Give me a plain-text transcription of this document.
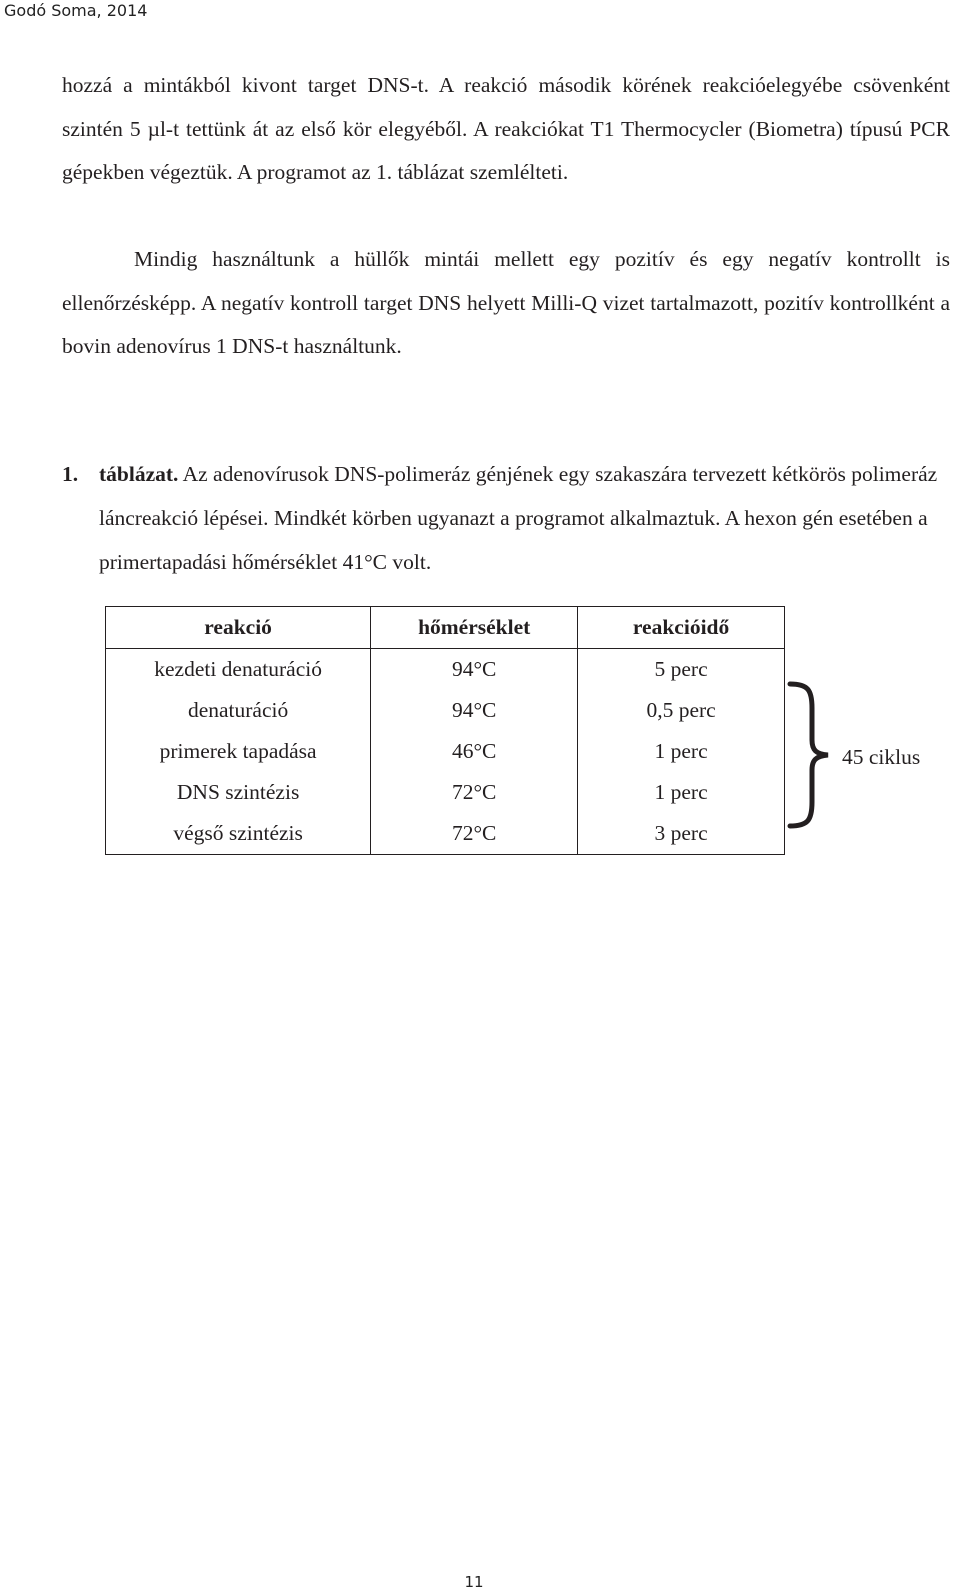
Godó Soma, 2014

hozzá a mintákból kivont target DNS-t. A reakció második körének reakcióelegyébe csövenként szintén 5 µl-t tettünk át az első kör elegyéből. A reakciókat T1 Thermocycler (Biometra) típusú PCR gépekben végeztük. A programot az 1. táblázat szemlélteti.

Mindig használtunk a hüllők mintái mellett egy pozitív és egy negatív kontrollt is ellenőrzésképp. A negatív kontroll target DNS helyett Milli-Q vizet tartalmazott, pozitív kontrollként a bovin adenovírus 1 DNS-t használtunk.

1. táblázat. Az adenovírusok DNS-polimeráz génjének egy szakaszára tervezett kétkörös polimeráz láncreakció lépései. Mindkét körben ugyanazt a programot alkalmaztuk. A hexon gén esetében a primertapadási hőmérséklet 41°C volt.
reakció	hőmérséklet	reakcióidő
kezdeti denaturáció	94°C	5 perc
denaturáció	94°C	0,5 perc
primerek tapadása	46°C	1 perc
DNS szintézis	72°C	1 perc
végső szintézis	72°C	3 perc
45 ciklus
11
